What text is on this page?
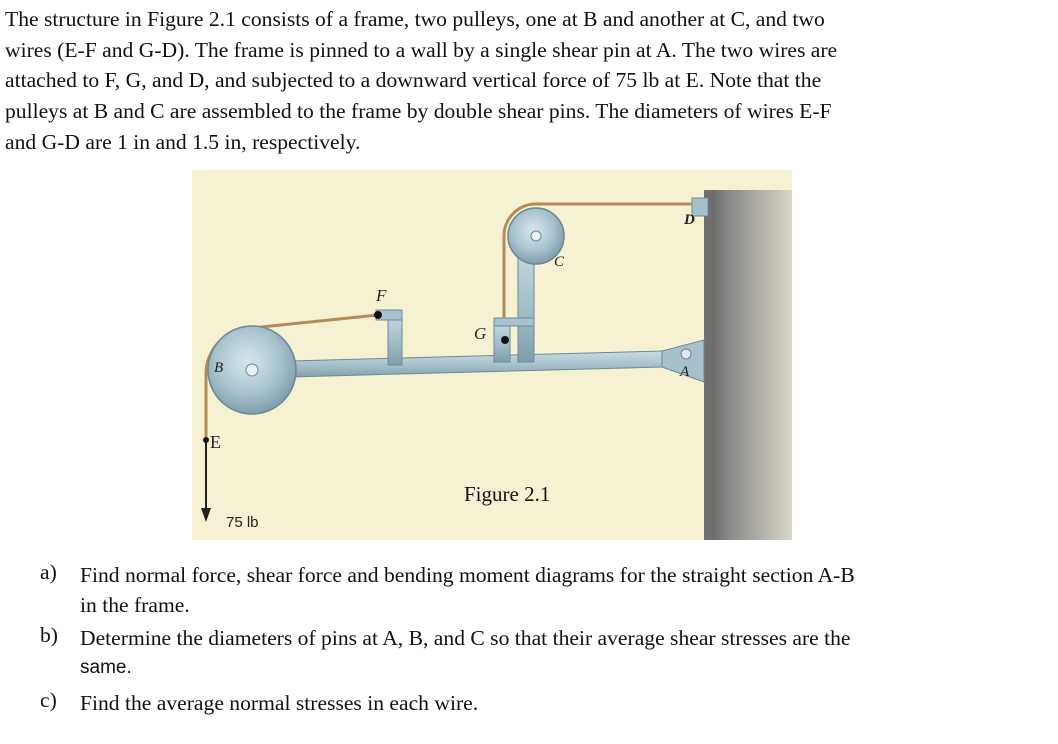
The structure in Figure 2.1 consists of a frame, two pulleys, one at B and another at C, and two
wires (E-F and G-D). The frame is pinned to a wall by a single shear pin at A. The two wires are
attached to F, G, and D, and subjected to a downward vertical force of 75 lb at E. Note that the
pulleys at B and C are assembled to the frame by double shear pins. The diameters of wires E-F
and G-D are 1 in and 1.5 in, respectively.

B
C
D
E
F
G
A
Figure 2.1
75 lb
a) Find normal force, shear force and bending moment diagrams for the straight section A-B
in the frame.
b) Determine the diameters of pins at A, B, and C so that their average shear stresses are the
same.
c) Find the average normal stresses in each wire.
